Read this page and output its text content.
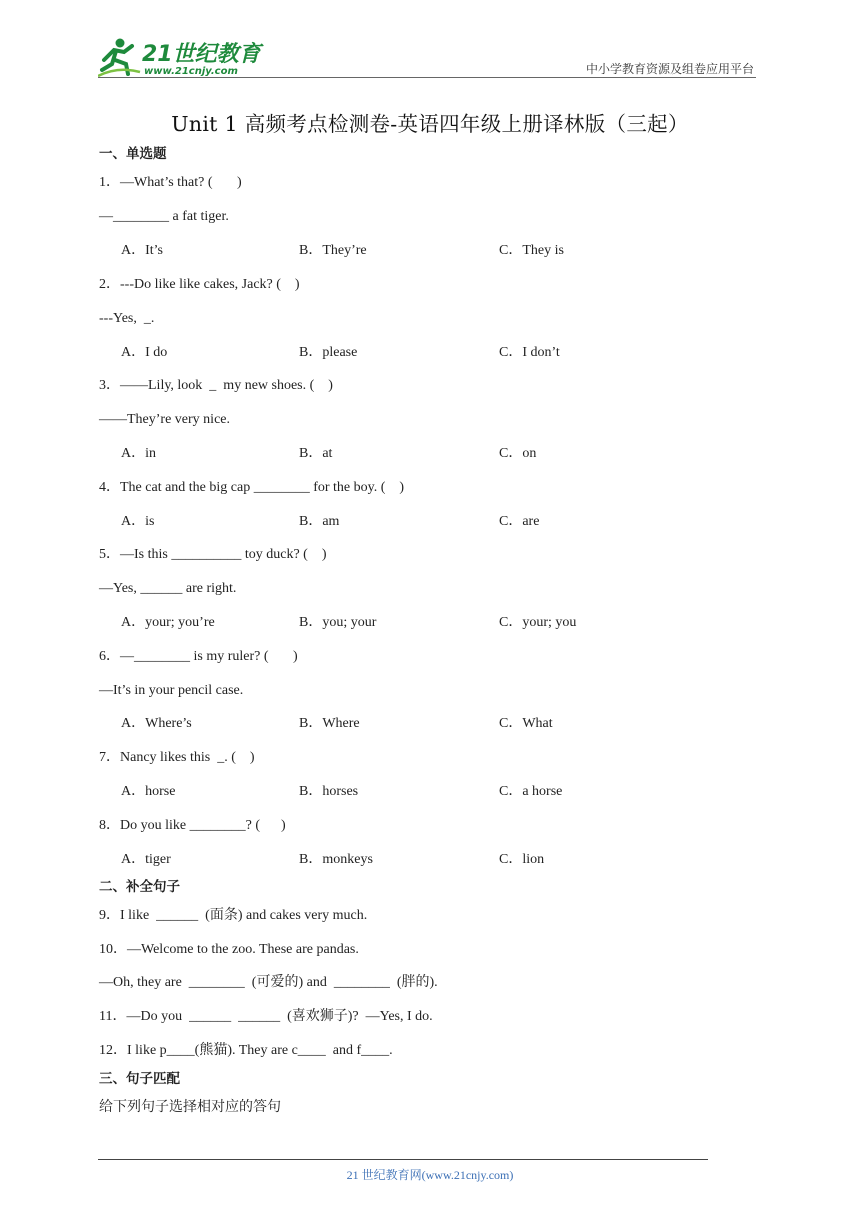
21世纪教育
www.21cnjy.com	中小学教育资源及组卷应用平台
Unit 1 高频考点检测卷-英语四年级上册译林版（三起）
一、单选题
1．—What’s that? (       )
—________ a fat tiger.
A．It’s	B．They’re	C．They is
2．---Do like like cakes, Jack? (    )
---Yes,  _.
A．I do	B．please	C．I don’t
3．——Lily, look  _  my new shoes. (    )
——They’re very nice.
A．in	B．at	C．on
4．The cat and the big cap ________ for the boy. (    )
A．is	B．am	C．are
5．—Is this __________ toy duck? (    )
—Yes, ______ are right.
A．your; you’re	B．you; your	C．your; you
6．—________ is my ruler? (       )
—It’s in your pencil case.
A．Where’s	B．Where	C．What
7．Nancy likes this  _. (    )
A．horse	B．horses	C．a horse
8．Do you like ________? (      )
A．tiger	B．monkeys	C．lion
二、补全句子
9．I like  ______  (面条) and cakes very much.
10．—Welcome to the zoo. These are pandas.
—Oh, they are  ________  (可爱的) and  ________  (胖的).
11．—Do you  ______  ______  (喜欢狮子)?  —Yes, I do.
12．I like p____(熊猫). They are c____  and f____.
三、句子匹配
给下列句子选择相对应的答句
21 世纪教育网(www.21cnjy.com)
